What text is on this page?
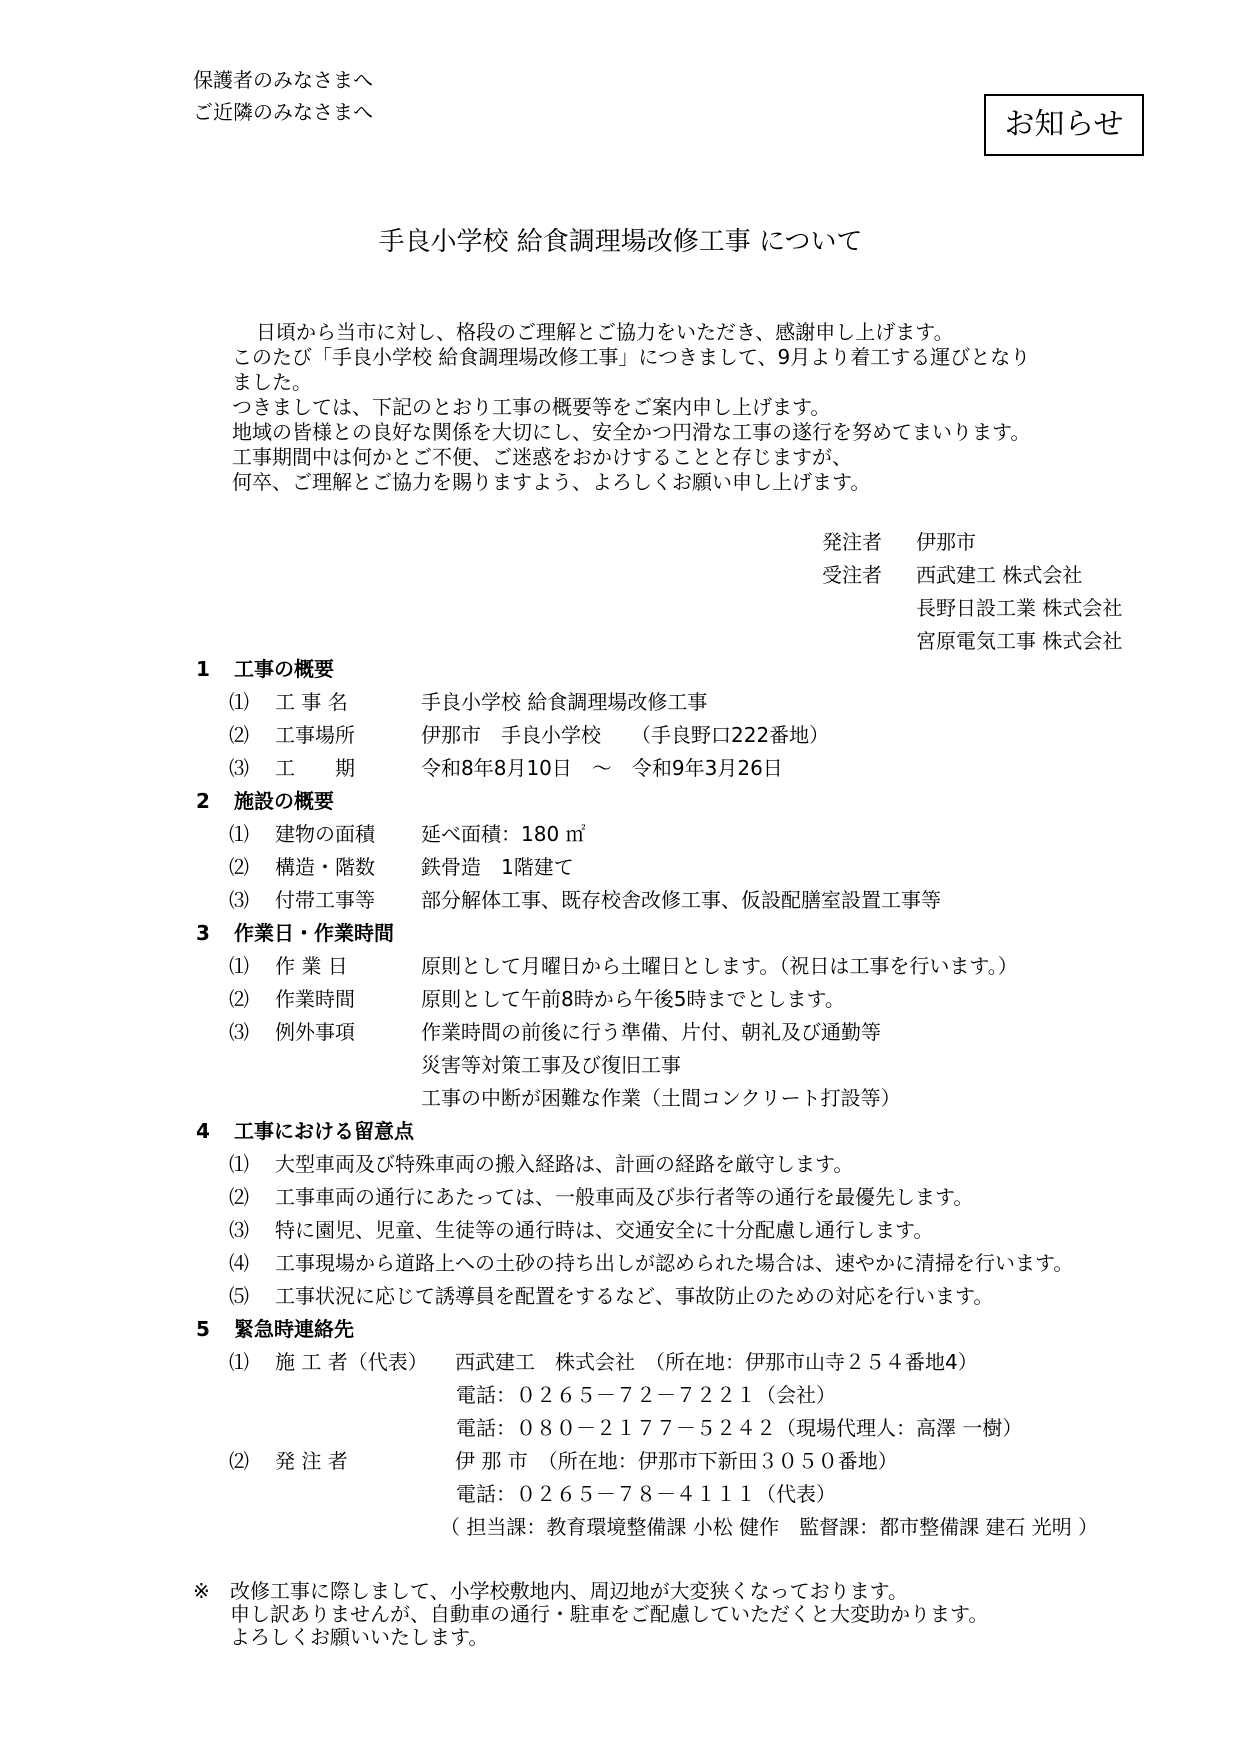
保護者のみなさまへ
ご近隣のみなさまへ	お知らせ
手良小学校 給食調理場改修工事 について
日頃から当市に対し、格段のご理解とご協力をいただき、感謝申し上げます。
このたび「手良小学校 給食調理場改修工事」につきまして、9月より着工する運びとなり
ました。
つきましては、下記のとおり工事の概要等をご案内申し上げます。
地域の皆様との良好な関係を大切にし、安全かつ円滑な工事の遂行を努めてまいります。
工事期間中は何かとご不便、ご迷惑をおかけすることと存じますが、
何卒、ご理解とご協力を賜りますよう、よろしくお願い申し上げます。
発注者	伊那市
受注者	西武建工 株式会社
長野日設工業 株式会社
宮原電気工事 株式会社
1 工事の概要
⑴ 工 事 名	手良小学校 給食調理場改修工事
⑵ 工事場所	伊那市　手良小学校　　（手良野口222番地）
⑶ 工　　期	令和8年8月10日　～　令和9年3月26日
2 施設の概要
⑴ 建物の面積 延べ面積：180 ㎡
⑵ 構造・階数 鉄骨造　1階建て
⑶ 付帯工事等 部分解体工事、既存校舎改修工事、仮設配膳室設置工事等
3 作業日・作業時間
⑴ 作 業 日	原則として月曜日から土曜日とします。（祝日は工事を行います。）
⑵ 作業時間	原則として午前8時から午後5時までとします。
⑶ 例外事項	作業時間の前後に行う準備、片付、朝礼及び通勤等
災害等対策工事及び復旧工事
工事の中断が困難な作業（土間コンクリート打設等）
4 工事における留意点
⑴ 大型車両及び特殊車両の搬入経路は、計画の経路を厳守します。
⑵ 工事車両の通行にあたっては、一般車両及び歩行者等の通行を最優先します。
⑶ 特に園児、児童、生徒等の通行時は、交通安全に十分配慮し通行します。
⑷ 工事現場から道路上への土砂の持ち出しが認められた場合は、速やかに清掃を行います。
⑸ 工事状況に応じて誘導員を配置をするなど、事故防止のための対応を行います。
5 緊急時連絡先
⑴ 施 工 者（代表） 西武建工　株式会社　（所在地：伊那市山寺２５４番地4）
電話：０２６５－７２－７２２１（会社）
電話：０８０－２１７７－５２４２（現場代理人：高澤 一樹）
⑵ 発 注 者	伊 那 市　（所在地：伊那市下新田３０５０番地）
電話：０２６５－７８－４１１１（代表）
（ 担当課：教育環境整備課 小松 健作　監督課：都市整備課 建石 光明 ）
※ 改修工事に際しまして、小学校敷地内、周辺地が大変狭くなっております。
申し訳ありませんが、自動車の通行・駐車をご配慮していただくと大変助かります。
よろしくお願いいたします。
